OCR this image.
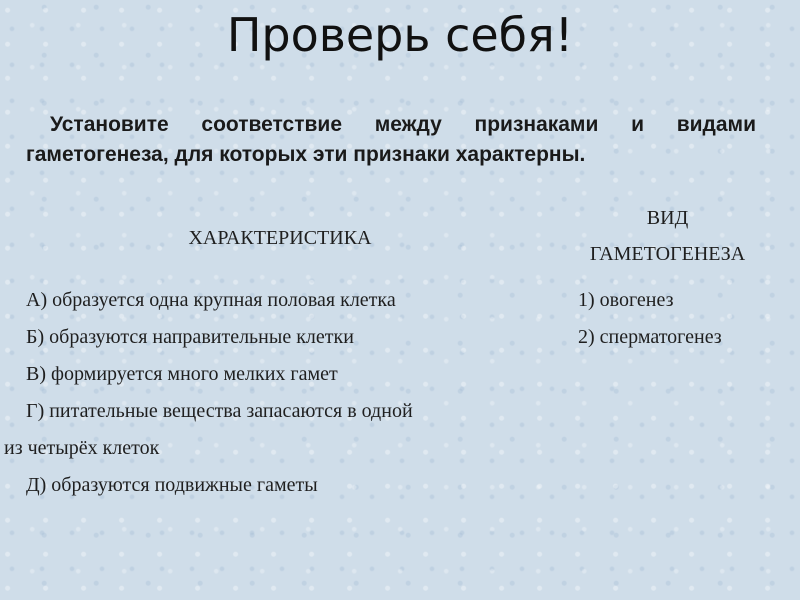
Проверь себя!

Установите соответствие между признаками и видами гаметогенеза, для которых эти признаки характерны.

ХАРАКТЕРИСТИКА
ВИД
ГАМЕТОГЕНЕЗА
А) образуется одна крупная половая клетка
Б) образуются направительные клетки
В) формируется много мелких гамет
Г) питательные вещества запасаются в одной
из четырёх клеток
Д) образуются подвижные гаметы
1) овогенез
2) сперматогенез
